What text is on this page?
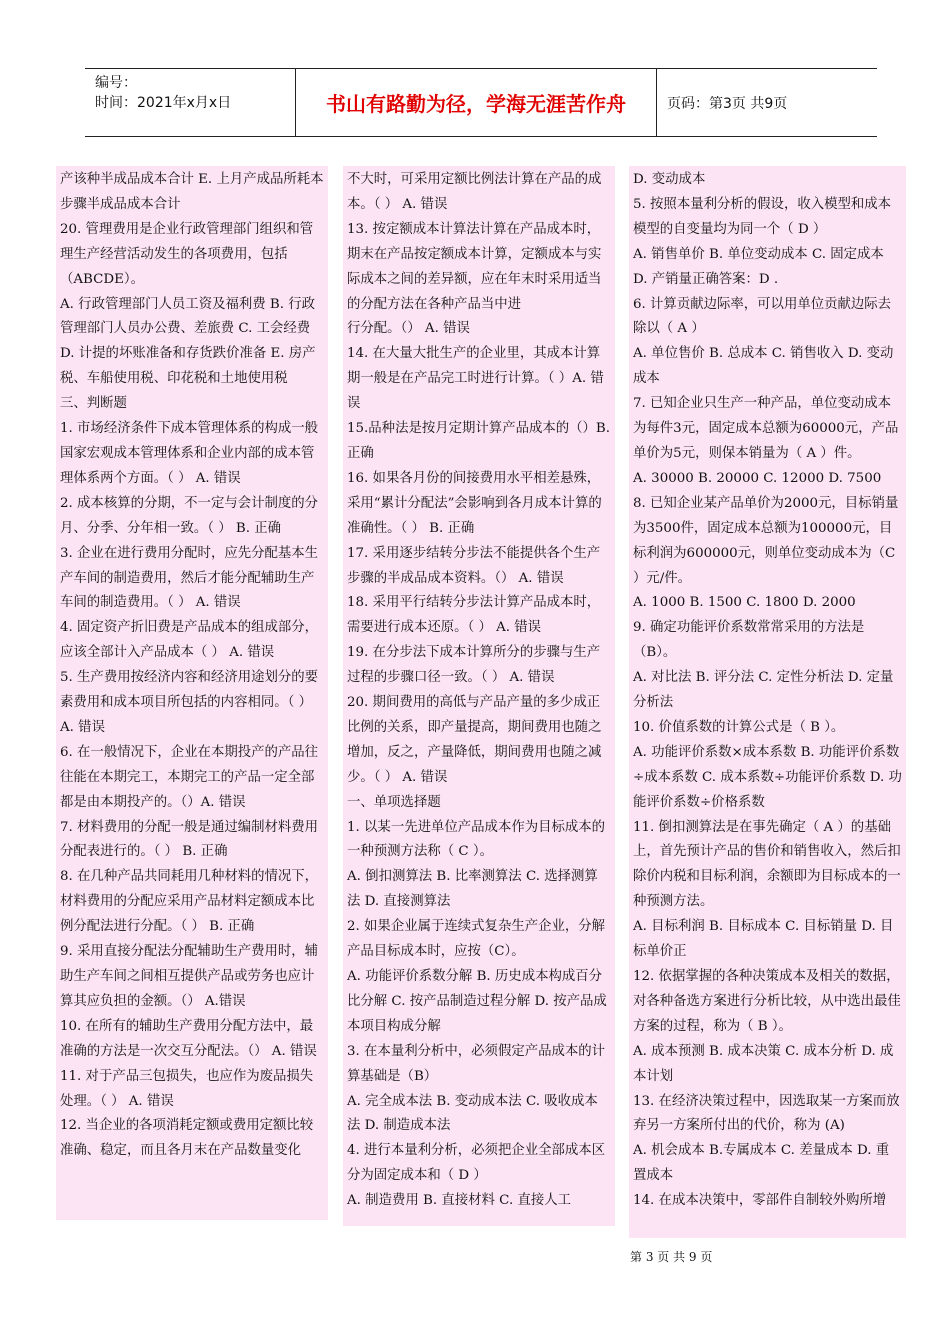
编号：
时间：2021年x月x日	书山有路勤为径，学海无涯苦作舟	页码：第3页 共9页

产该种半成品成本合计 E. 上月产成品所耗本步骤半成品成本合计

20. 管理费用是企业行政管理部门组织和管理生产经营活动发生的各项费用，包括（ABCDE）。

A. 行政管理部门人员工资及福利费 B. 行政管理部门人员办公费、差旅费 C. 工会经费

D. 计提的坏账准备和存货跌价准备 E. 房产税、车船使用税、印花税和土地使用税

三、判断题

1. 市场经济条件下成本管理体系的构成一般国家宏观成本管理体系和企业内部的成本管理体系两个方面。（ ） A. 错误

2. 成本核算的分期，不一定与会计制度的分月、分季、分年相一致。（ ） B. 正确

3. 企业在进行费用分配时，应先分配基本生产车间的制造费用，然后才能分配辅助生产车间的制造费用。（ ） A. 错误

4. 固定资产折旧费是产品成本的组成部分，应该全部计入产品成本（ ） A. 错误

5. 生产费用按经济内容和经济用途划分的要素费用和成本项目所包括的内容相同。（ ） A. 错误

6. 在一般情况下，企业在本期投产的产品往往能在本期完工，本期完工的产品一定全部都是由本期投产的。（）A. 错误

7. 材料费用的分配一般是通过编制材料费用分配表进行的。（ ） B. 正确

8. 在几种产品共同耗用几种材料的情况下，材料费用的分配应采用产品材料定额成本比例分配法进行分配。（ ） B. 正确

9. 采用直接分配法分配辅助生产费用时，辅助生产车间之间相互提供产品或劳务也应计算其应负担的金额。（） A.错误

10. 在所有的辅助生产费用分配方法中，最准确的方法是一次交互分配法。（） A. 错误

11. 对于产品三包损失，也应作为废品损失处理。（ ） A. 错误

12. 当企业的各项消耗定额或费用定额比较准确、稳定，而且各月末在产品数量变化

不大时，可采用定额比例法计算在产品的成本。（ ） A. 错误

13. 按定额成本计算法计算在产品成本时，期末在产品按定额成本计算，定额成本与实际成本之间的差异额，应在年末时采用适当的分配方法在各种产品当中进

行分配。（） A. 错误

14. 在大量大批生产的企业里，其成本计算期一般是在产品完工时进行计算。（ ）A. 错误

15.品种法是按月定期计算产品成本的（）B.正确

16. 如果各月份的间接费用水平相差悬殊，采用“累计分配法”会影响到各月成本计算的准确性。（ ） B. 正确

17. 采用逐步结转分步法不能提供各个生产步骤的半成品成本资料。（） A. 错误

18. 采用平行结转分步法计算产品成本时，需要进行成本还原。（ ） A. 错误

19. 在分步法下成本计算所分的步骤与生产过程的步骤口径一致。（ ） A. 错误

20. 期间费用的高低与产品产量的多少成正比例的关系，即产量提高，期间费用也随之增加，反之，产量降低，期间费用也随之减少。（ ） A. 错误

一、单项选择题

1. 以某一先进单位产品成本作为目标成本的一种预测方法称（ C ）。

A. 倒扣测算法 B. 比率测算法 C. 选择测算法 D. 直接测算法

2. 如果企业属于连续式复杂生产企业，分解产品目标成本时，应按（C）。

A. 功能评价系数分解 B. 历史成本构成百分比分解 C. 按产品制造过程分解 D. 按产品成本项目构成分解

3. 在本量利分析中，必须假定产品成本的计算基础是（B）

A. 完全成本法 B. 变动成本法 C. 吸收成本法 D. 制造成本法

4. 进行本量利分析，必须把企业全部成本区分为固定成本和（ D ）

A. 制造费用 B. 直接材料 C. 直接人工

D. 变动成本

5. 按照本量利分析的假设，收入模型和成本模型的自变量均为同一个（ D ）

A. 销售单价 B. 单位变动成本 C. 固定成本 D. 产销量正确答案：D .

6. 计算贡献边际率，可以用单位贡献边际去除以（ A ）

A. 单位售价 B. 总成本 C. 销售收入 D. 变动成本

7. 已知企业只生产一种产品，单位变动成本为每件3元，固定成本总额为60000元，产品单价为5元，则保本销量为（ A ）件。

A. 30000 B. 20000 C. 12000 D. 7500

8. 已知企业某产品单价为2000元，目标销量为3500件，固定成本总额为100000元，目标利润为600000元，则单位变动成本为（C ）元/件。

A. 1000 B. 1500 C. 1800 D. 2000

9. 确定功能评价系数常常采用的方法是（B）。

A. 对比法 B. 评分法 C. 定性分析法 D. 定量分析法

10. 价值系数的计算公式是（ B ）。

A. 功能评价系数×成本系数 B. 功能评价系数÷成本系数 C. 成本系数÷功能评价系数 D. 功能评价系数÷价格系数

11. 倒扣测算法是在事先确定（ A ）的基础上，首先预计产品的售价和销售收入，然后扣除价内税和目标利润，余额即为目标成本的一种预测方法。

A. 目标利润 B. 目标成本 C. 目标销量 D. 目标单价正

12. 依据掌握的各种决策成本及相关的数据，对各种备选方案进行分析比较，从中选出最佳方案的过程，称为（ B ）。

A. 成本预测 B. 成本决策 C. 成本分析 D. 成本计划

13. 在经济决策过程中，因选取某一方案而放弃另一方案所付出的代价，称为 (A)

A. 机会成本 B.专属成本 C. 差量成本 D. 重置成本

14. 在成本决策中，零部件自制较外购所增

第 3 页 共 9 页
